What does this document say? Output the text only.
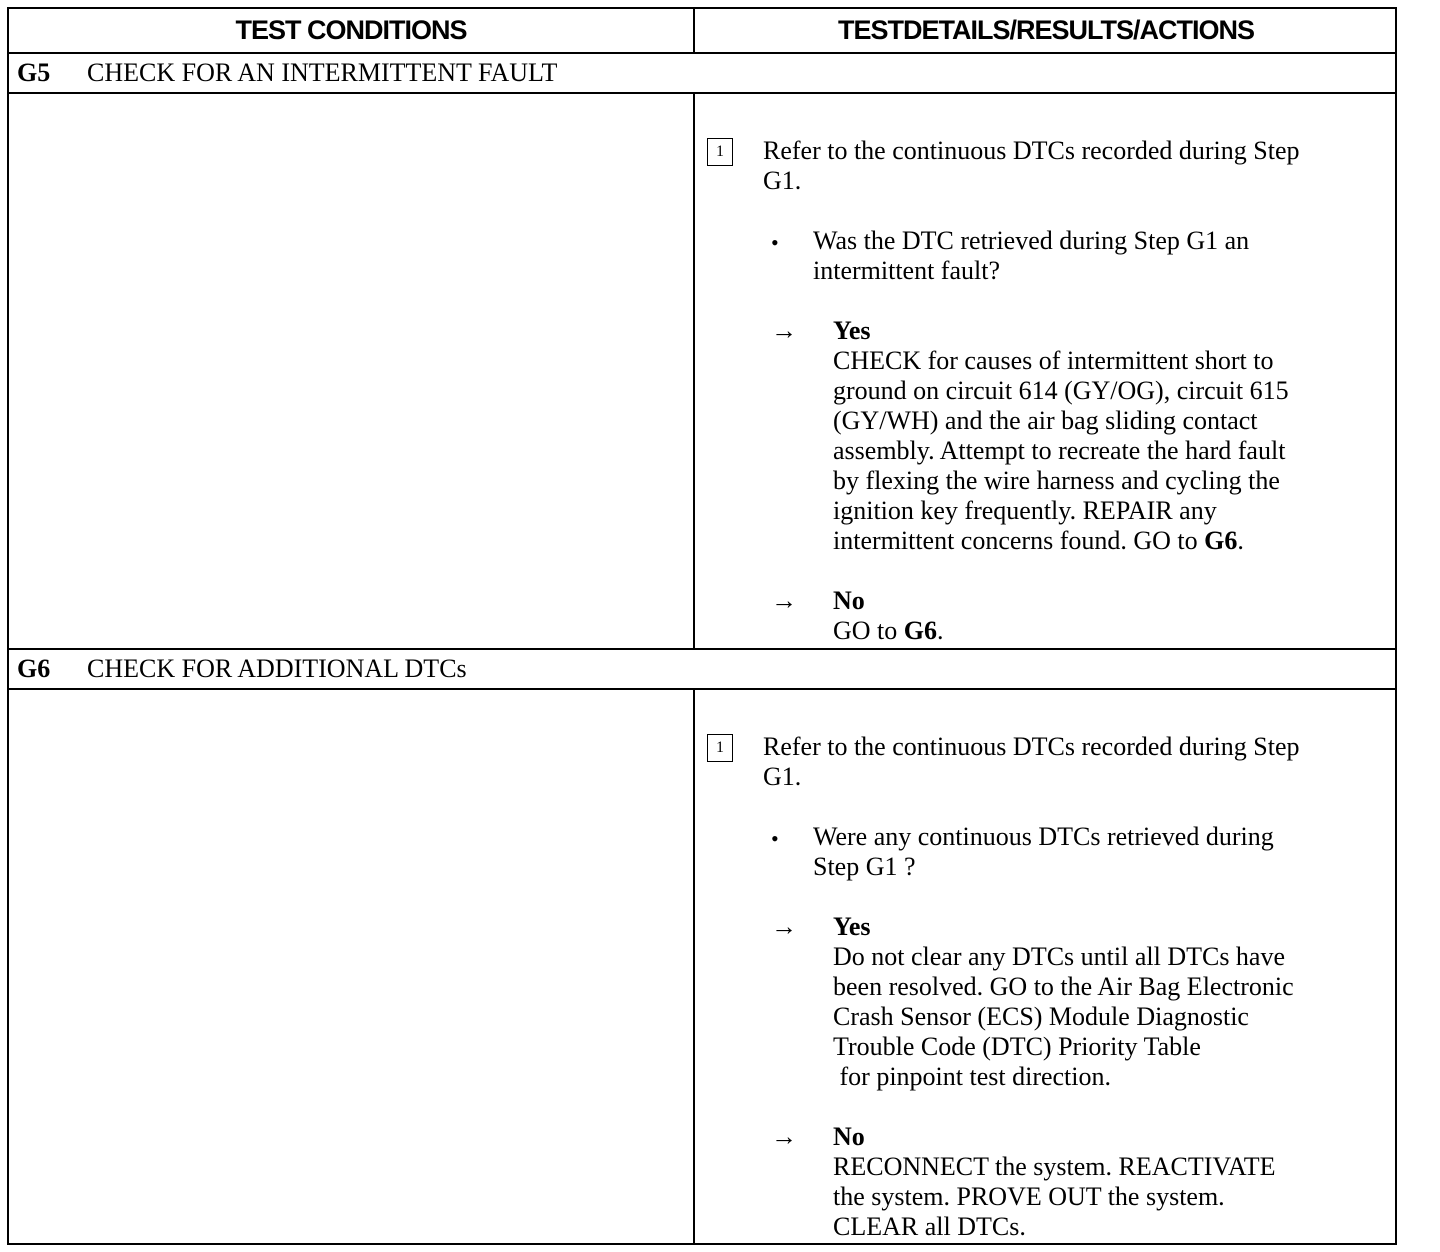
TEST CONDITIONS	TESTDETAILS/RESULTS/ACTIONS
G5	CHECK FOR AN INTERMITTENT FAULT
1	Refer to the continuous DTCs recorded during Step
G1.
• Was the DTC retrieved during Step G1 an
intermittent fault?
→ Yes
CHECK for causes of intermittent short to
ground on circuit 614 (GY/OG), circuit 615
(GY/WH) and the air bag sliding contact
assembly. Attempt to recreate the hard fault
by flexing the wire harness and cycling the
ignition key frequently. REPAIR any
intermittent concerns found. GO to G6.
→ No
GO to G6.
G6	CHECK FOR ADDITIONAL DTCs
1	Refer to the continuous DTCs recorded during Step
G1.
• Were any continuous DTCs retrieved during
Step G1 ?
→ Yes
Do not clear any DTCs until all DTCs have
been resolved. GO to the Air Bag Electronic
Crash Sensor (ECS) Module Diagnostic
Trouble Code (DTC) Priority Table
for pinpoint test direction.
→ No
RECONNECT the system. REACTIVATE
the system. PROVE OUT the system.
CLEAR all DTCs.
